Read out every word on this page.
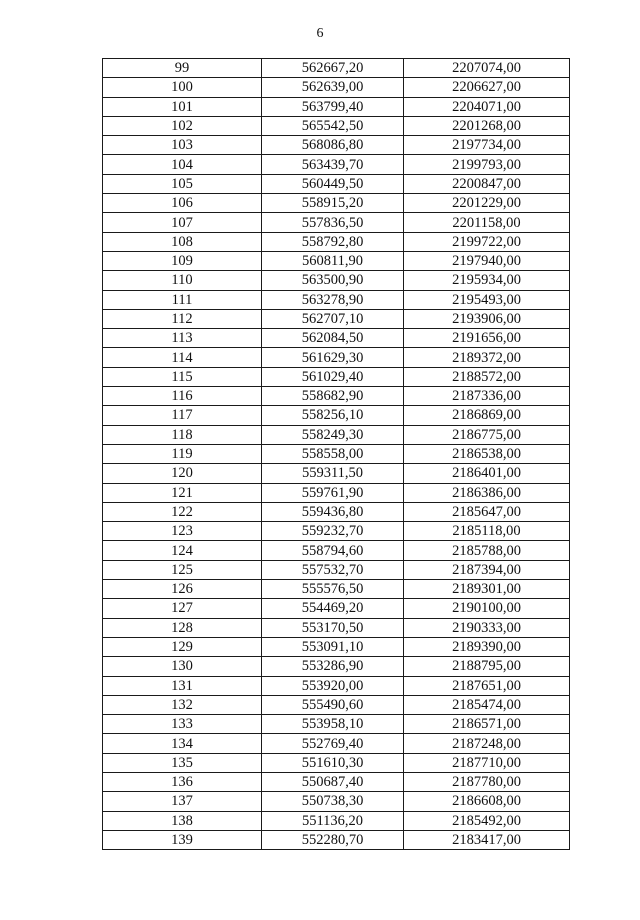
6
99	562667,20	2207074,00
100	562639,00	2206627,00
101	563799,40	2204071,00
102	565542,50	2201268,00
103	568086,80	2197734,00
104	563439,70	2199793,00
105	560449,50	2200847,00
106	558915,20	2201229,00
107	557836,50	2201158,00
108	558792,80	2199722,00
109	560811,90	2197940,00
110	563500,90	2195934,00
111	563278,90	2195493,00
112	562707,10	2193906,00
113	562084,50	2191656,00
114	561629,30	2189372,00
115	561029,40	2188572,00
116	558682,90	2187336,00
117	558256,10	2186869,00
118	558249,30	2186775,00
119	558558,00	2186538,00
120	559311,50	2186401,00
121	559761,90	2186386,00
122	559436,80	2185647,00
123	559232,70	2185118,00
124	558794,60	2185788,00
125	557532,70	2187394,00
126	555576,50	2189301,00
127	554469,20	2190100,00
128	553170,50	2190333,00
129	553091,10	2189390,00
130	553286,90	2188795,00
131	553920,00	2187651,00
132	555490,60	2185474,00
133	553958,10	2186571,00
134	552769,40	2187248,00
135	551610,30	2187710,00
136	550687,40	2187780,00
137	550738,30	2186608,00
138	551136,20	2185492,00
139	552280,70	2183417,00
